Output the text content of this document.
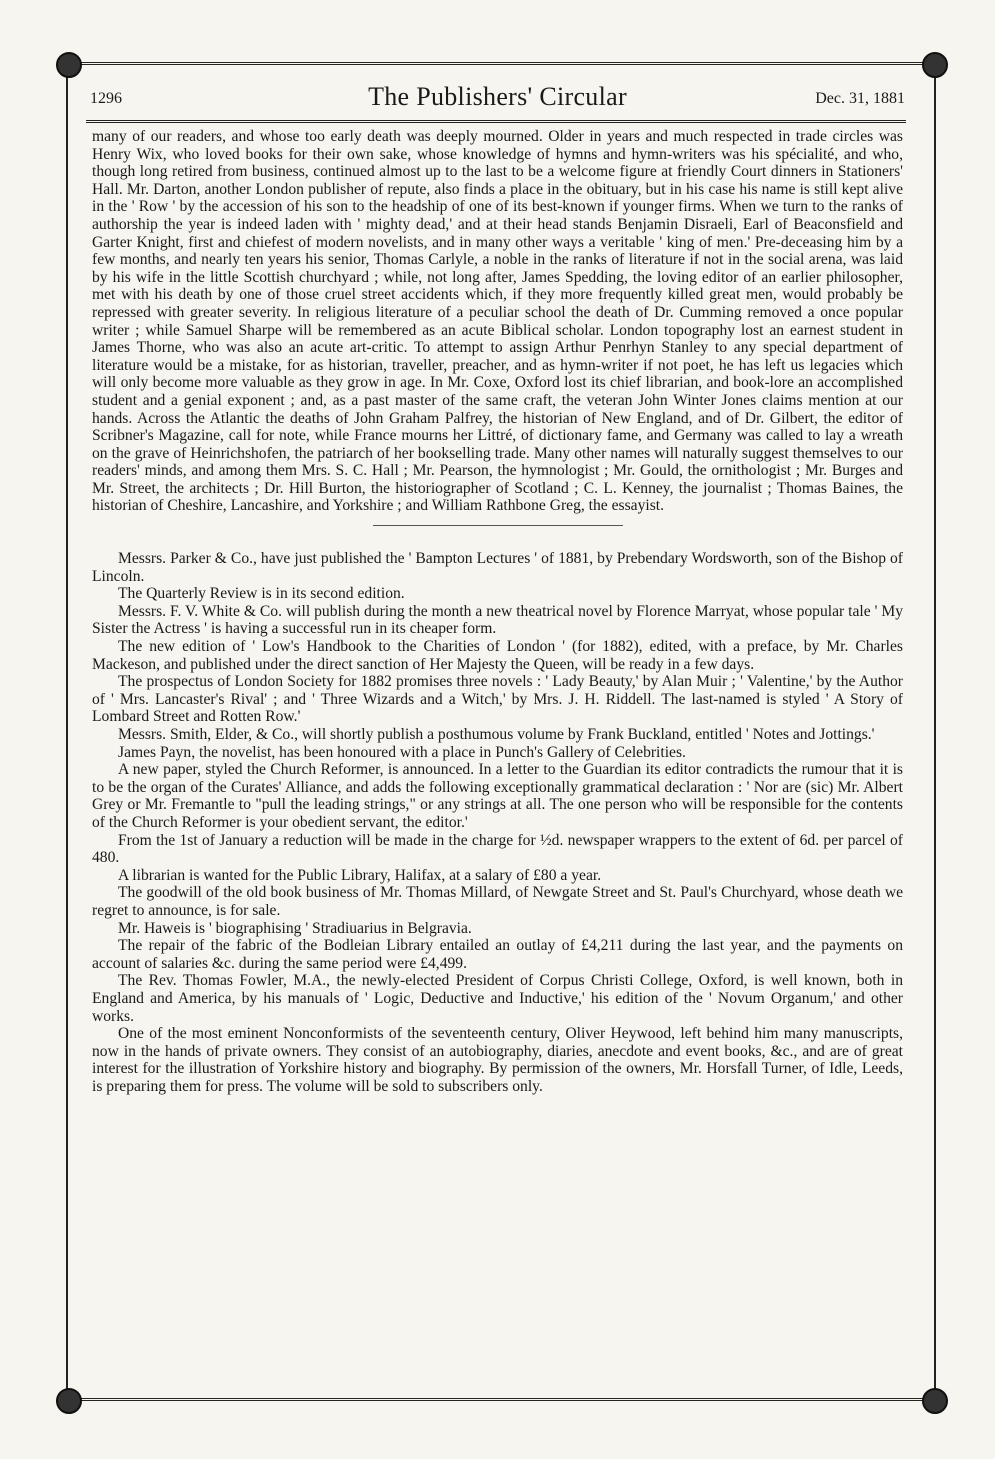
1296	The Publishers' Circular	Dec. 31, 1881

many of our readers, and whose too early death was deeply mourned. Older in years and much respected in trade circles was Henry Wix, who loved books for their own sake, whose knowledge of hymns and hymn-writers was his spécialité, and who, though long retired from business, continued almost up to the last to be a welcome figure at friendly Court dinners in Stationers' Hall. Mr. Darton, another London publisher of repute, also finds a place in the obituary, but in his case his name is still kept alive in the ' Row ' by the accession of his son to the headship of one of its best-known if younger firms. When we turn to the ranks of authorship the year is indeed laden with ' mighty dead,' and at their head stands Benjamin Disraeli, Earl of Beaconsfield and Garter Knight, first and chiefest of modern novelists, and in many other ways a veritable ' king of men.' Pre-deceasing him by a few months, and nearly ten years his senior, Thomas Carlyle, a noble in the ranks of literature if not in the social arena, was laid by his wife in the little Scottish churchyard ; while, not long after, James Spedding, the loving editor of an earlier philosopher, met with his death by one of those cruel street accidents which, if they more frequently killed great men, would probably be repressed with greater severity. In religious literature of a peculiar school the death of Dr. Cumming removed a once popular writer ; while Samuel Sharpe will be remembered as an acute Biblical scholar. London topography lost an earnest student in James Thorne, who was also an acute art-critic. To attempt to assign Arthur Penrhyn Stanley to any special department of literature would be a mistake, for as historian, traveller, preacher, and as hymn-writer if not poet, he has left us legacies which will only become more valuable as they grow in age. In Mr. Coxe, Oxford lost its chief librarian, and book-lore an accomplished student and a genial exponent ; and, as a past master of the same craft, the veteran John Winter Jones claims mention at our hands. Across the Atlantic the deaths of John Graham Palfrey, the historian of New England, and of Dr. Gilbert, the editor of Scribner's Magazine, call for note, while France mourns her Littré, of dictionary fame, and Germany was called to lay a wreath on the grave of Heinrichshofen, the patriarch of her bookselling trade. Many other names will naturally suggest themselves to our readers' minds, and among them Mrs. S. C. Hall ; Mr. Pearson, the hymnologist ; Mr. Gould, the ornithologist ; Mr. Burges and Mr. Street, the architects ; Dr. Hill Burton, the historiographer of Scotland ; C. L. Kenney, the journalist ; Thomas Baines, the historian of Cheshire, Lancashire, and Yorkshire ; and William Rathbone Greg, the essayist.

Messrs. Parker & Co., have just published the ' Bampton Lectures ' of 1881, by Prebendary Wordsworth, son of the Bishop of Lincoln.

The Quarterly Review is in its second edition.

Messrs. F. V. White & Co. will publish during the month a new theatrical novel by Florence Marryat, whose popular tale ' My Sister the Actress ' is having a successful run in its cheaper form.

The new edition of ' Low's Handbook to the Charities of London ' (for 1882), edited, with a preface, by Mr. Charles Mackeson, and published under the direct sanction of Her Majesty the Queen, will be ready in a few days.

The prospectus of London Society for 1882 promises three novels : ' Lady Beauty,' by Alan Muir ; ' Valentine,' by the Author of ' Mrs. Lancaster's Rival' ; and ' Three Wizards and a Witch,' by Mrs. J. H. Riddell. The last-named is styled ' A Story of Lombard Street and Rotten Row.'

Messrs. Smith, Elder, & Co., will shortly publish a posthumous volume by Frank Buckland, entitled ' Notes and Jottings.'

James Payn, the novelist, has been honoured with a place in Punch's Gallery of Celebrities.

A new paper, styled the Church Reformer, is announced. In a letter to the Guardian its editor contradicts the rumour that it is to be the organ of the Curates' Alliance, and adds the following exceptionally grammatical declaration : ' Nor are (sic) Mr. Albert Grey or Mr. Fremantle to "pull the leading strings," or any strings at all. The one person who will be responsible for the contents of the Church Reformer is your obedient servant, the editor.'

From the 1st of January a reduction will be made in the charge for ½d. newspaper wrappers to the extent of 6d. per parcel of 480.

A librarian is wanted for the Public Library, Halifax, at a salary of £80 a year.

The goodwill of the old book business of Mr. Thomas Millard, of Newgate Street and St. Paul's Churchyard, whose death we regret to announce, is for sale.

Mr. Haweis is ' biographising ' Stradiuarius in Belgravia.

The repair of the fabric of the Bodleian Library entailed an outlay of £4,211 during the last year, and the payments on account of salaries &c. during the same period were £4,499.

The Rev. Thomas Fowler, M.A., the newly-elected President of Corpus Christi College, Oxford, is well known, both in England and America, by his manuals of ' Logic, Deductive and Inductive,' his edition of the ' Novum Organum,' and other works.

One of the most eminent Nonconformists of the seventeenth century, Oliver Heywood, left behind him many manuscripts, now in the hands of private owners. They consist of an autobiography, diaries, anecdote and event books, &c., and are of great interest for the illustration of Yorkshire history and biography. By permission of the owners, Mr. Horsfall Turner, of Idle, Leeds, is preparing them for press. The volume will be sold to subscribers only.
